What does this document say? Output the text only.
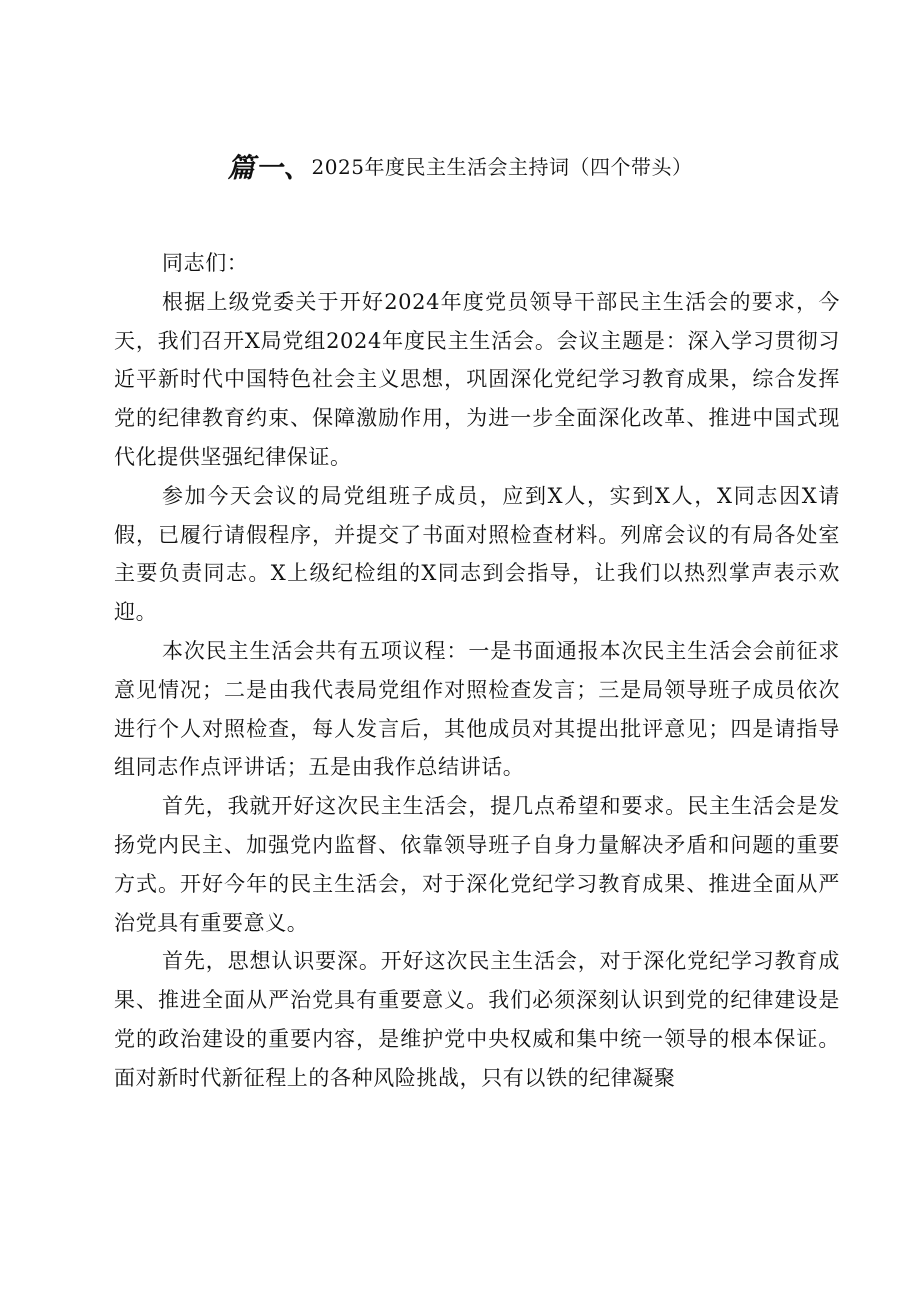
篇一、2025年度民主生活会主持词（四个带头）

同志们：

根据上级党委关于开好2024年度党员领导干部民主生活会的要求，今天，我们召开X局党组2024年度民主生活会。会议主题是：深入学习贯彻习近平新时代中国特色社会主义思想，巩固深化党纪学习教育成果，综合发挥党的纪律教育约束、保障激励作用，为进一步全面深化改革、推进中国式现代化提供坚强纪律保证。

参加今天会议的局党组班子成员，应到X人，实到X人，X同志因X请假，已履行请假程序，并提交了书面对照检查材料。列席会议的有局各处室主要负责同志。X上级纪检组的X同志到会指导，让我们以热烈掌声表示欢迎。

本次民主生活会共有五项议程：一是书面通报本次民主生活会会前征求意见情况；二是由我代表局党组作对照检查发言；三是局领导班子成员依次进行个人对照检查，每人发言后，其他成员对其提出批评意见；四是请指导组同志作点评讲话；五是由我作总结讲话。

首先，我就开好这次民主生活会，提几点希望和要求。民主生活会是发扬党内民主、加强党内监督、依靠领导班子自身力量解决矛盾和问题的重要方式。开好今年的民主生活会，对于深化党纪学习教育成果、推进全面从严治党具有重要意义。

首先，思想认识要深。开好这次民主生活会，对于深化党纪学习教育成果、推进全面从严治党具有重要意义。我们必须深刻认识到党的纪律建设是党的政治建设的重要内容，是维护党中央权威和集中统一领导的根本保证。面对新时代新征程上的各种风险挑战，只有以铁的纪律凝聚
